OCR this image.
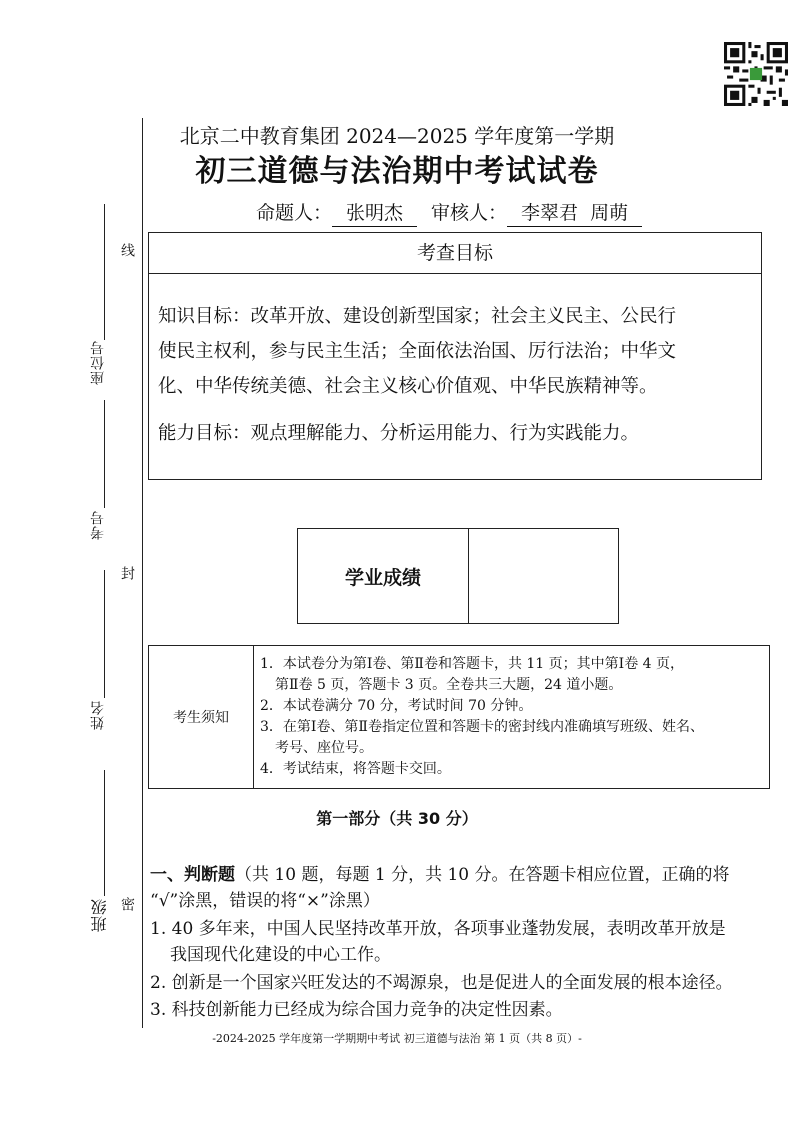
座位号
考号
姓名
班级
线
封
密
北京二中教育集团 2024—2025 学年度第一学期
初三道德与法治期中考试试卷
命题人： 张明杰 审核人： 李翠君  周萌
考查目标

知识目标：改革开放、建设创新型国家；社会主义民主、公民行

使民主权利，参与民主生活；全面依法治国、厉行法治；中华文

化、中华传统美德、社会主义核心价值观、中华民族精神等。

能力目标：观点理解能力、分析运用能力、行为实践能力。

学业成绩
考生须知
1．本试卷分为第Ⅰ卷、第Ⅱ卷和答题卡，共 11 页；其中第Ⅰ卷 4 页，
第Ⅱ卷 5 页，答题卡 3 页。全卷共三大题，24 道小题。
2．本试卷满分 70 分，考试时间 70 分钟。
3．在第Ⅰ卷、第Ⅱ卷指定位置和答题卡的密封线内准确填写班级、姓名、
考号、座位号。
4．考试结束，将答题卡交回。
第一部分（共 30 分）
一、判断题（共 10 题，每题 1 分，共 10 分。在答题卡相应位置，正确的将
“√”涂黑，错误的将“×”涂黑）
1. 40 多年来，中国人民坚持改革开放，各项事业蓬勃发展，表明改革开放是
我国现代化建设的中心工作。
2. 创新是一个国家兴旺发达的不竭源泉，也是促进人的全面发展的根本途径。
3. 科技创新能力已经成为综合国力竞争的决定性因素。
-2024-2025 学年度第一学期期中考试 初三道德与法治 第 1 页（共 8 页）-
